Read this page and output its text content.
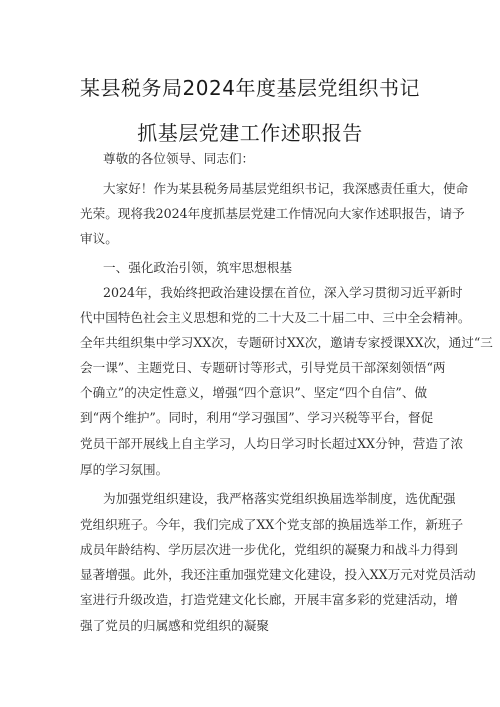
某县税务局2024年度基层党组织书记
抓基层党建工作述职报告
尊敬的各位领导、同志们：
大家好！作为某县税务局基层党组织书记，我深感责任重大，使命
光荣。现将我2024年度抓基层党建工作情况向大家作述职报告，请予
审议。
一、强化政治引领，筑牢思想根基
2024年，我始终把政治建设摆在首位，深入学习贯彻习近平新时
代中国特色社会主义思想和党的二十大及二十届二中、三中全会精神。
全年共组织集中学习XX次，专题研讨XX次，邀请专家授课XX次，通过“三
会一课”、主题党日、专题研讨等形式，引导党员干部深刻领悟“两
个确立”的决定性意义，增强“四个意识”、坚定“四个自信”、做
到“两个维护”。同时，利用“学习强国”、学习兴税等平台，督促
党员干部开展线上自主学习，人均日学习时长超过XX分钟，营造了浓
厚的学习氛围。
为加强党组织建设，我严格落实党组织换届选举制度，选优配强
党组织班子。今年，我们完成了XX个党支部的换届选举工作，新班子
成员年龄结构、学历层次进一步优化，党组织的凝聚力和战斗力得到
显著增强。此外，我还注重加强党建文化建设，投入XX万元对党员活动
室进行升级改造，打造党建文化长廊，开展丰富多彩的党建活动，增
强了党员的归属感和党组织的凝聚
